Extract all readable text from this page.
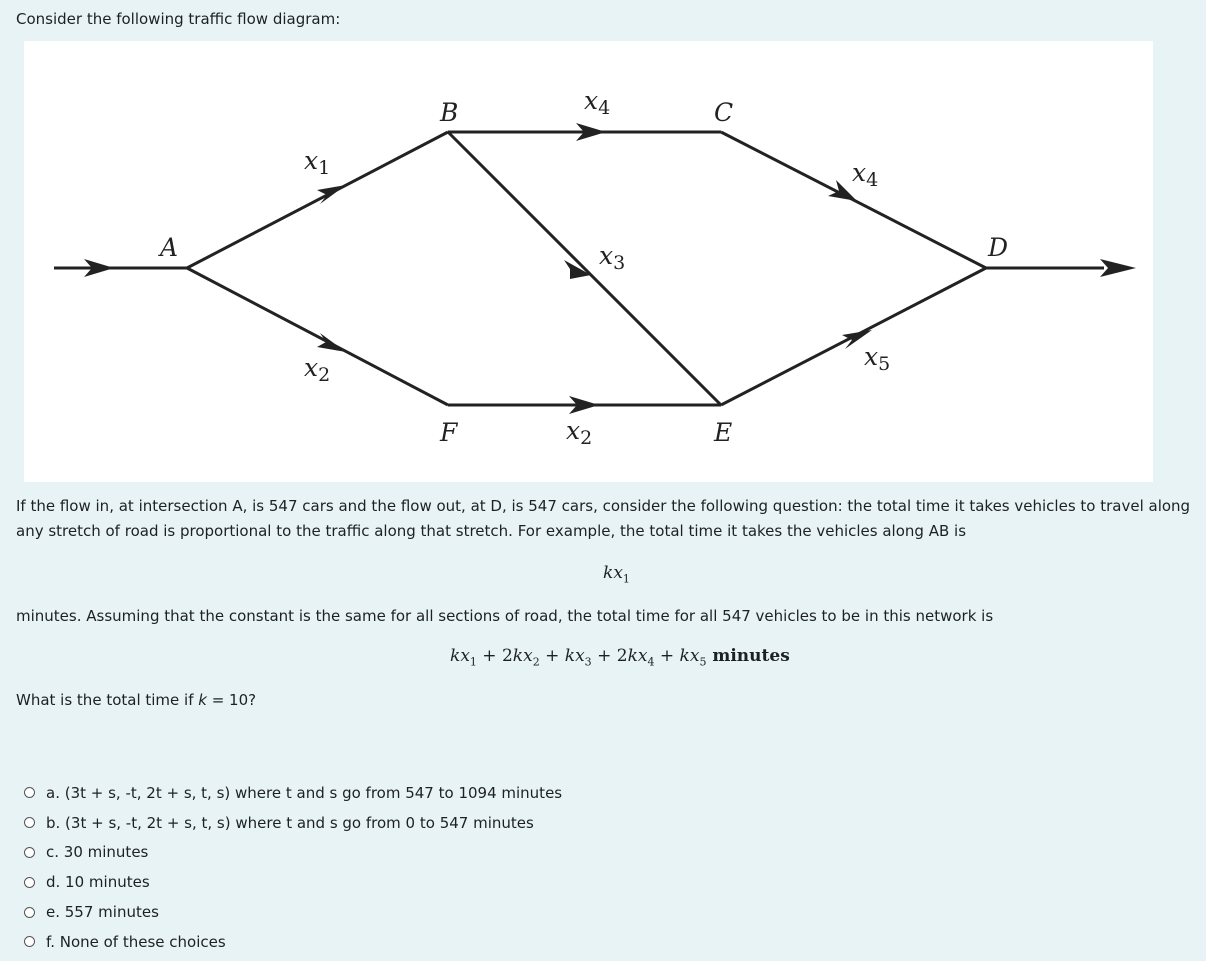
Consider the following traffic flow diagram:
A
B	C
D
E
F
$x_1$
$x_2$
$x_2$
$x_3$
$x_4$
$x_4$
$x_5$
If the flow in, at intersection A, is 547 cars and the flow out, at D, is 547 cars, consider the following question: the total time it takes vehicles to travel along any stretch of road is proportional to the traffic along that stretch. For example, the total time it takes the vehicles along AB is
$kx_1$
minutes. Assuming that the constant is the same for all sections of road, the total time for all 547 vehicles to be in this network is
$kx_1 + 2kx_2 + kx_3 + 2kx_4 + kx_5$ minutes
What is the total time if k = 10?
a. (3t + s, -t, 2t + s, t, s) where t and s go from 547 to 1094 minutes
b. (3t + s, -t, 2t + s, t, s) where t and s go from 0 to 547 minutes
c. 30 minutes
d. 10 minutes
e. 557 minutes
f. None of these choices
